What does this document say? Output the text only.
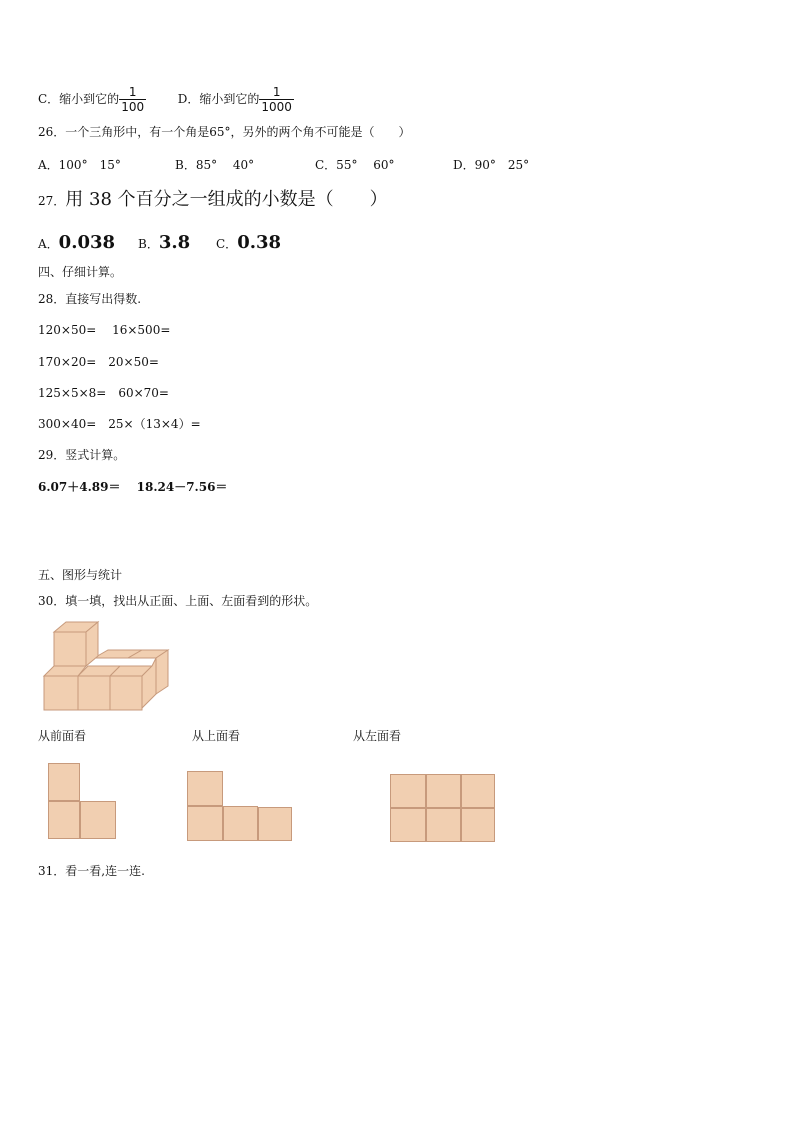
C．缩小到它的 $\frac{1}{100}$	D．缩小到它的 $\frac{1}{1000}$
26．一个三角形中，有一个角是65°，另外的两个角不可能是（　　）
A．100°　15°	B．85°　 40°	C．55°　 60°	D．90°　25°
27．用 38 个百分之一组成的小数是（　　）
A．0.038 B．3.8 C．0.38
四、仔细计算。
28．直接写出得数.
120×50=　 16×500=
170×20=　20×50=
125×5×8=　60×70=
300×40=　25×（13×4）=
29．竖式计算。
6.07＋4.89＝　 18.24－7.56＝
五、图形与统计
30．填一填，找出从正面、上面、左面看到的形状。
从前面看	从上面看	从左面看
31．看一看,连一连.
